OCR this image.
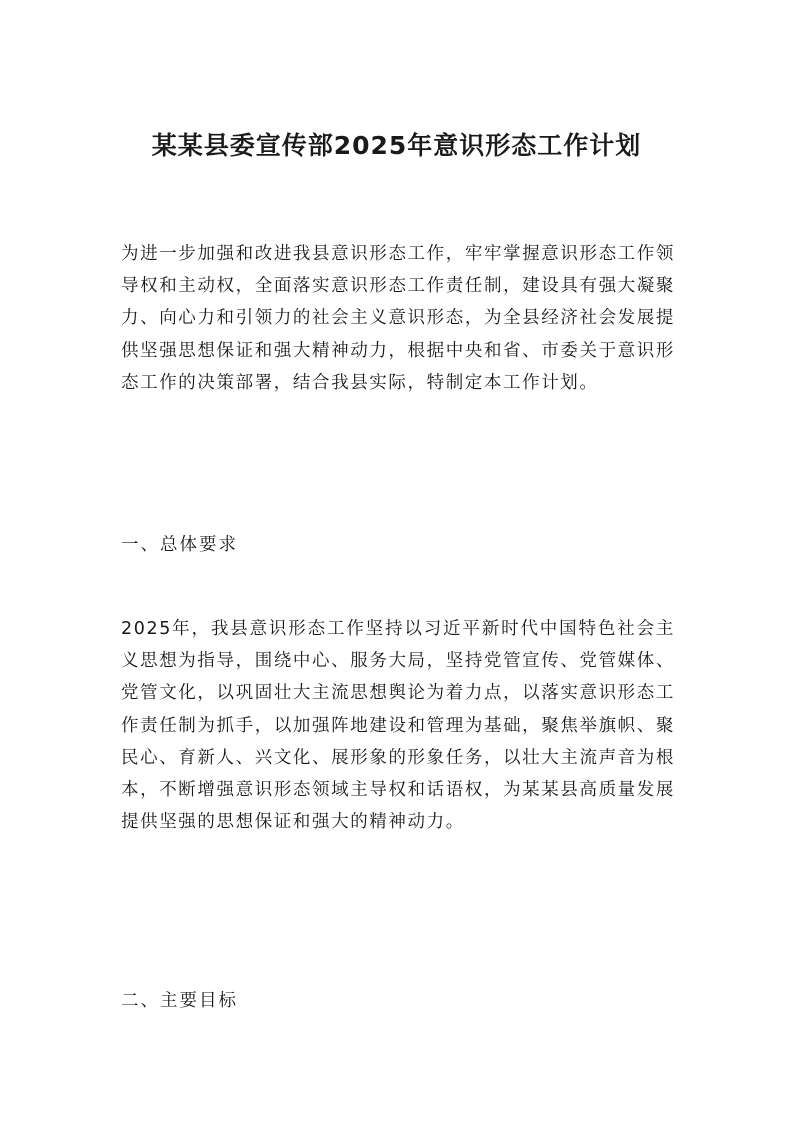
某某县委宣传部2025年意识形态工作计划

为进一步加强和改进我县意识形态工作，牢牢掌握意识形态工作领导权和主动权，全面落实意识形态工作责任制，建设具有强大凝聚力、向心力和引领力的社会主义意识形态，为全县经济社会发展提供坚强思想保证和强大精神动力，根据中央和省、市委关于意识形态工作的决策部署，结合我县实际，特制定本工作计划。

一、总体要求

2025年，我县意识形态工作坚持以习近平新时代中国特色社会主义思想为指导，围绕中心、服务大局，坚持党管宣传、党管媒体、党管文化，以巩固壮大主流思想舆论为着力点，以落实意识形态工作责任制为抓手，以加强阵地建设和管理为基础，聚焦举旗帜、聚民心、育新人、兴文化、展形象的形象任务，以壮大主流声音为根本，不断增强意识形态领域主导权和话语权，为某某县高质量发展提供坚强的思想保证和强大的精神动力。

二、主要目标
